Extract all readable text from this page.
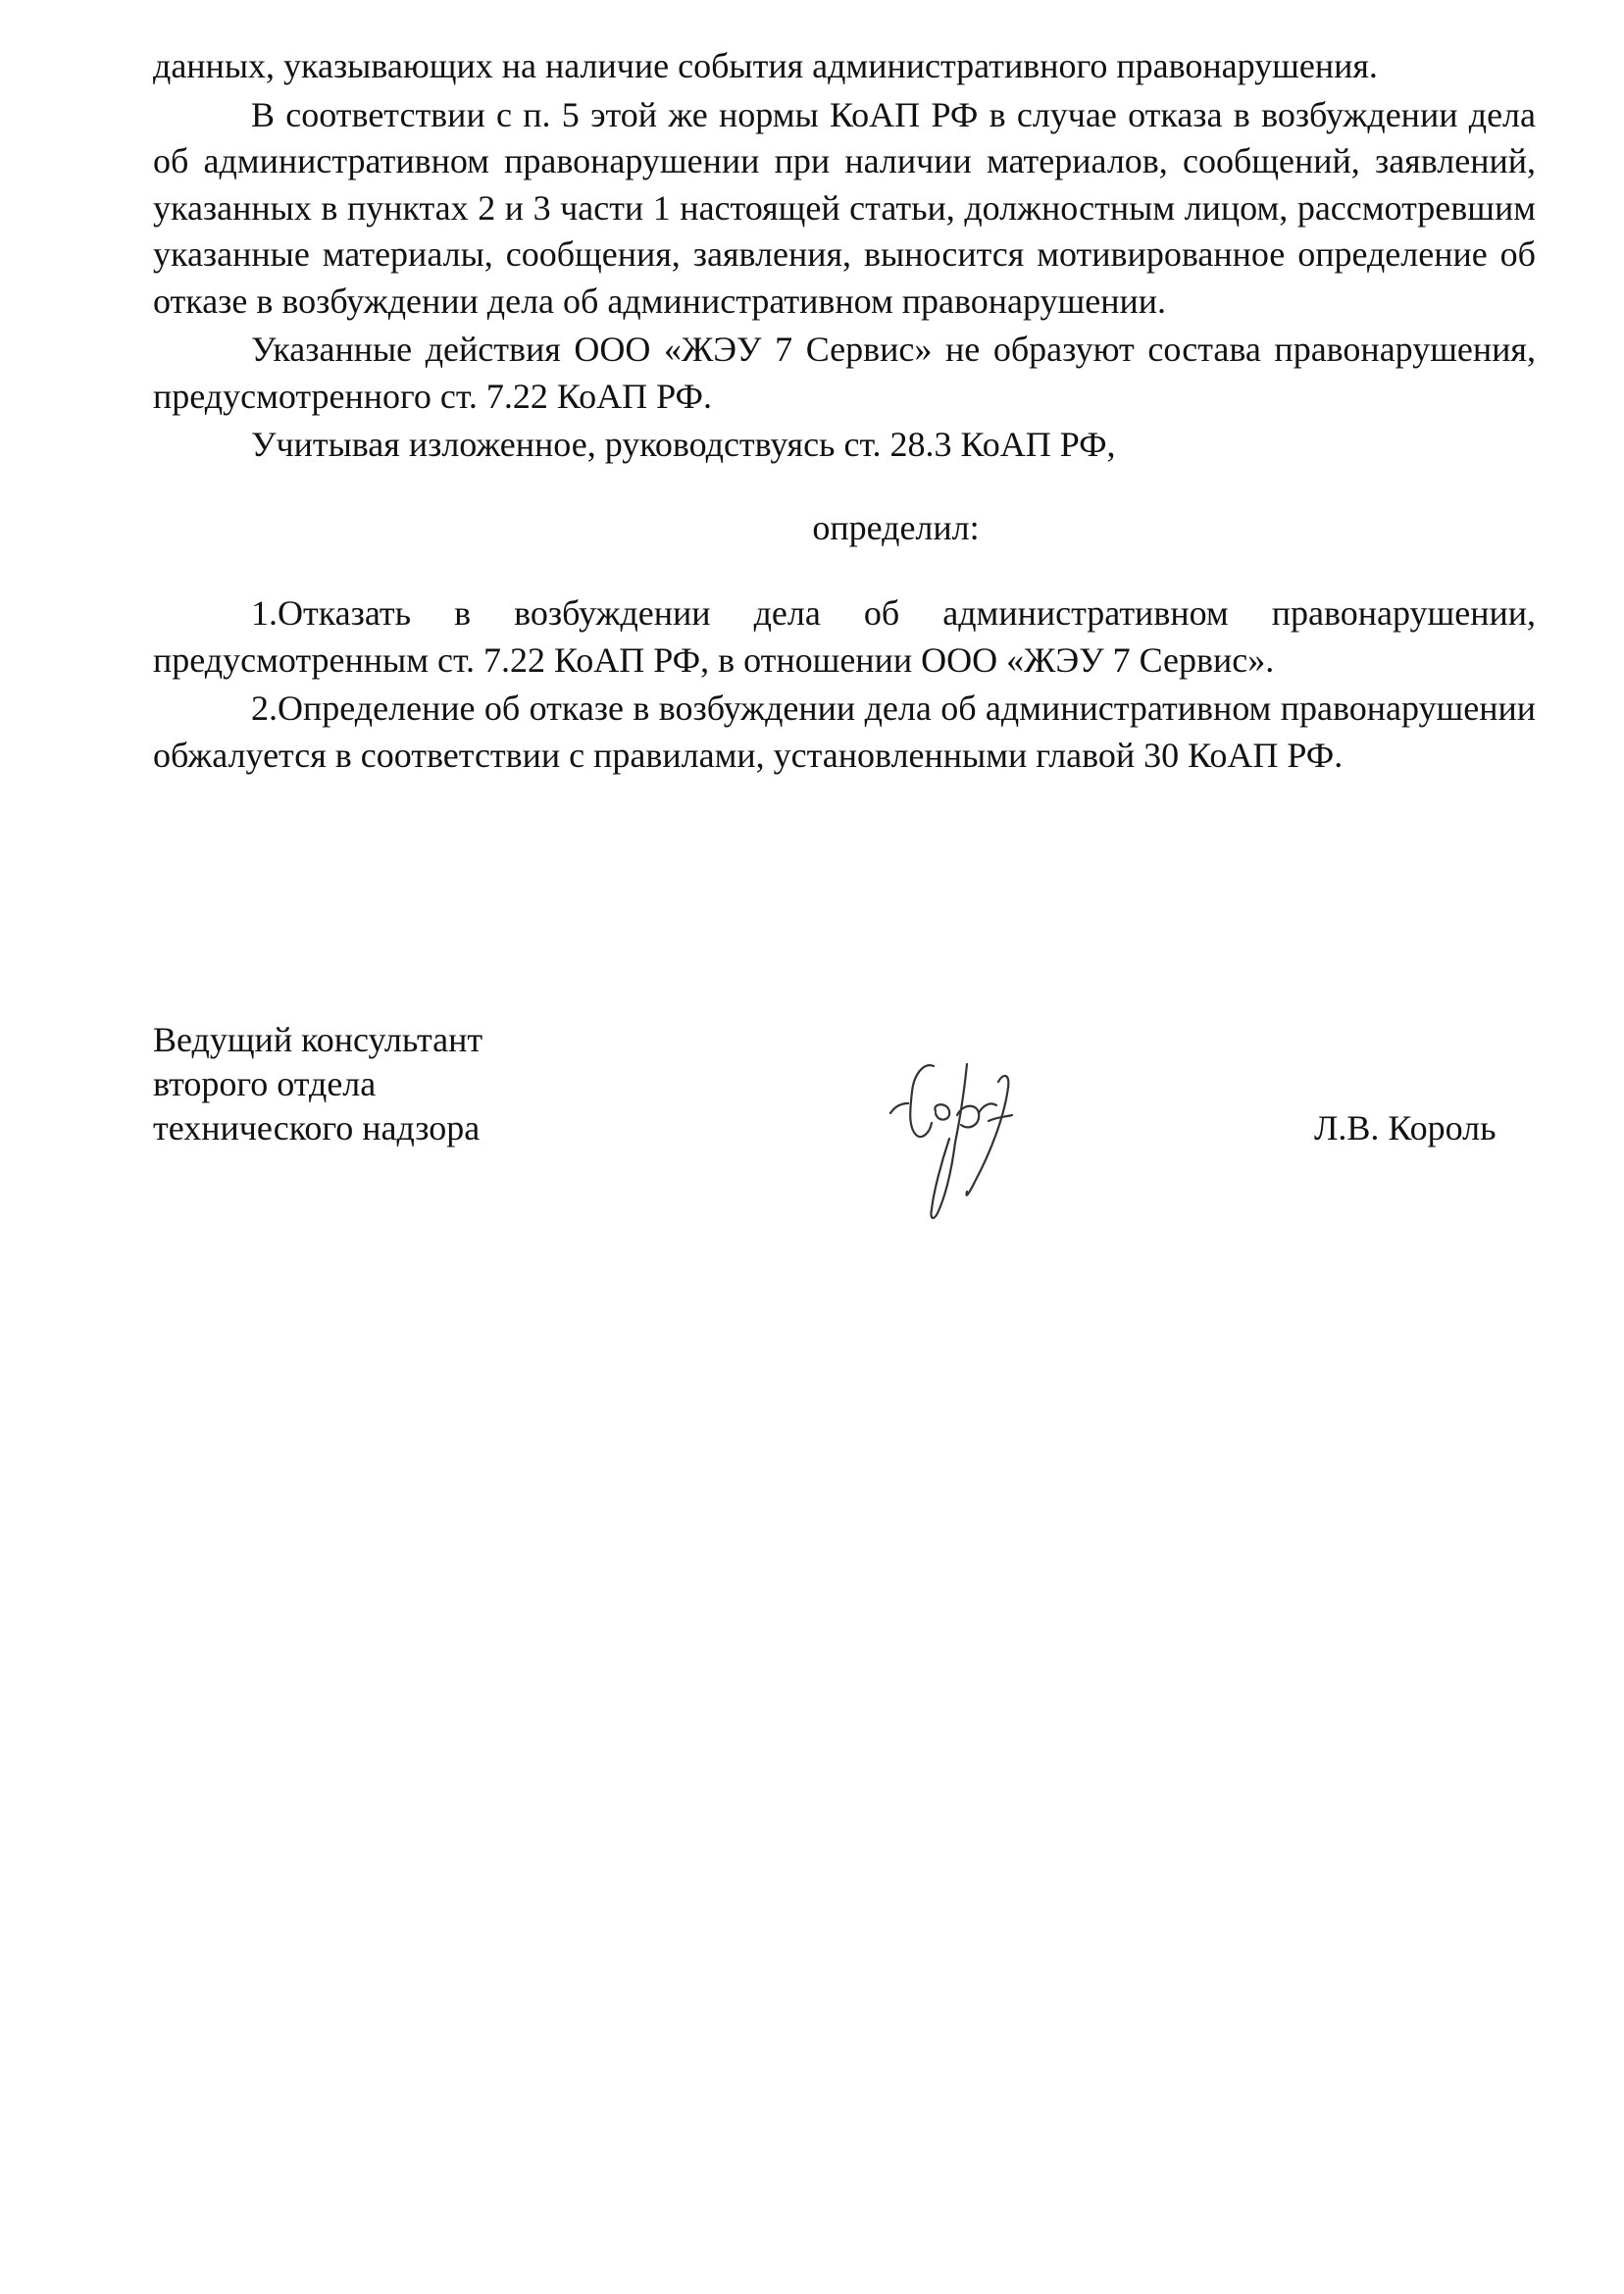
данных, указывающих на наличие события административного правонарушения.

В соответствии с п. 5 этой же нормы КоАП РФ в случае отказа в возбуждении дела об административном правонарушении при наличии материалов, сообщений, заявлений, указанных в пунктах 2 и 3 части 1 настоящей статьи, должностным лицом, рассмотревшим указанные материалы, сообщения, заявления, выносится мотивированное определение об отказе в возбуждении дела об административном правонарушении.

Указанные действия ООО «ЖЭУ 7 Сервис» не образуют состава правонарушения, предусмотренного ст. 7.22 КоАП РФ.

Учитывая изложенное, руководствуясь ст. 28.3 КоАП РФ,

определил:

1.Отказать в возбуждении дела об административном правонарушении, предусмотренным ст. 7.22 КоАП РФ, в отношении ООО «ЖЭУ 7 Сервис».

2.Определение об отказе в возбуждении дела об административном правонарушении обжалуется в соответствии с правилами, установленными главой 30 КоАП РФ.

Ведущий консультант
второго отдела
технического надзора	Л.В. Король
